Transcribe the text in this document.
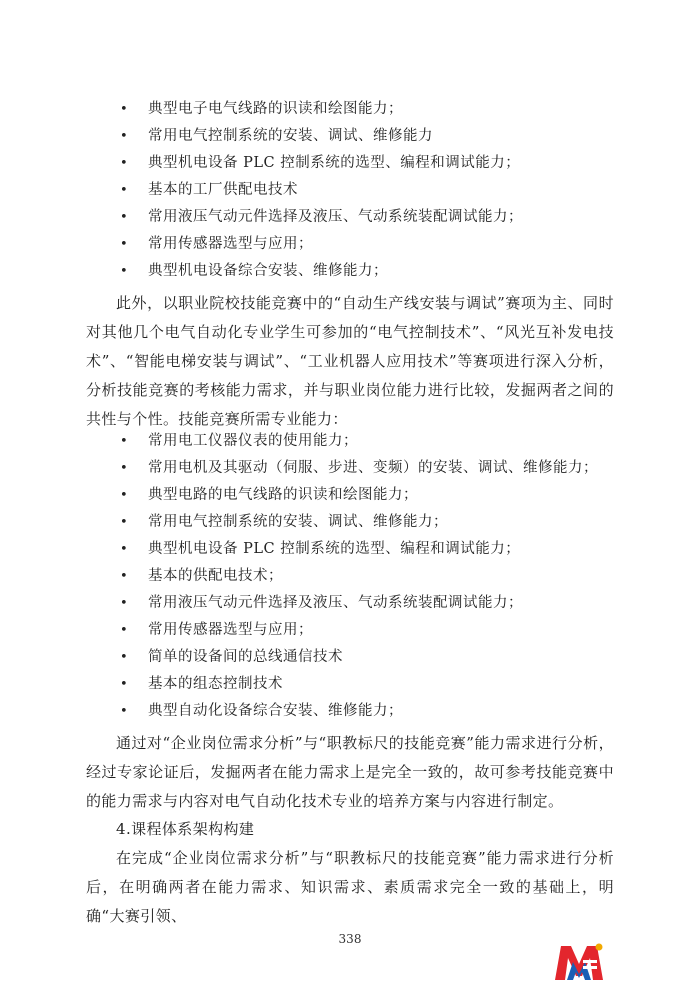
• 典型电子电气线路的识读和绘图能力；
• 常用电气控制系统的安装、调试、维修能力
• 典型机电设备 PLC 控制系统的选型、编程和调试能力；
• 基本的工厂供配电技术
• 常用液压气动元件选择及液压、气动系统装配调试能力；
• 常用传感器选型与应用；
• 典型机电设备综合安装、维修能力；

此外，以职业院校技能竞赛中的“自动生产线安装与调试”赛项为主、同时对其他几个电气自动化专业学生可参加的“电气控制技术”、“风光互补发电技术”、“智能电梯安装与调试”、“工业机器人应用技术”等赛项进行深入分析，分析技能竞赛的考核能力需求，并与职业岗位能力进行比较，发掘两者之间的共性与个性。技能竞赛所需专业能力：

• 常用电工仪器仪表的使用能力；
• 常用电机及其驱动（伺服、步进、变频）的安装、调试、维修能力；
• 典型电路的电气线路的识读和绘图能力；
• 常用电气控制系统的安装、调试、维修能力；
• 典型机电设备 PLC 控制系统的选型、编程和调试能力；
• 基本的供配电技术；
• 常用液压气动元件选择及液压、气动系统装配调试能力；
• 常用传感器选型与应用；
• 简单的设备间的总线通信技术
• 基本的组态控制技术
• 典型自动化设备综合安装、维修能力；

通过对“企业岗位需求分析”与“职教标尺的技能竞赛”能力需求进行分析，经过专家论证后，发掘两者在能力需求上是完全一致的，故可参考技能竞赛中的能力需求与内容对电气自动化技术专业的培养方案与内容进行制定。

4.课程体系架构构建

在完成“企业岗位需求分析”与“职教标尺的技能竞赛”能力需求进行分析后，在明确两者在能力需求、知识需求、素质需求完全一致的基础上，明确“大赛引领、

338
